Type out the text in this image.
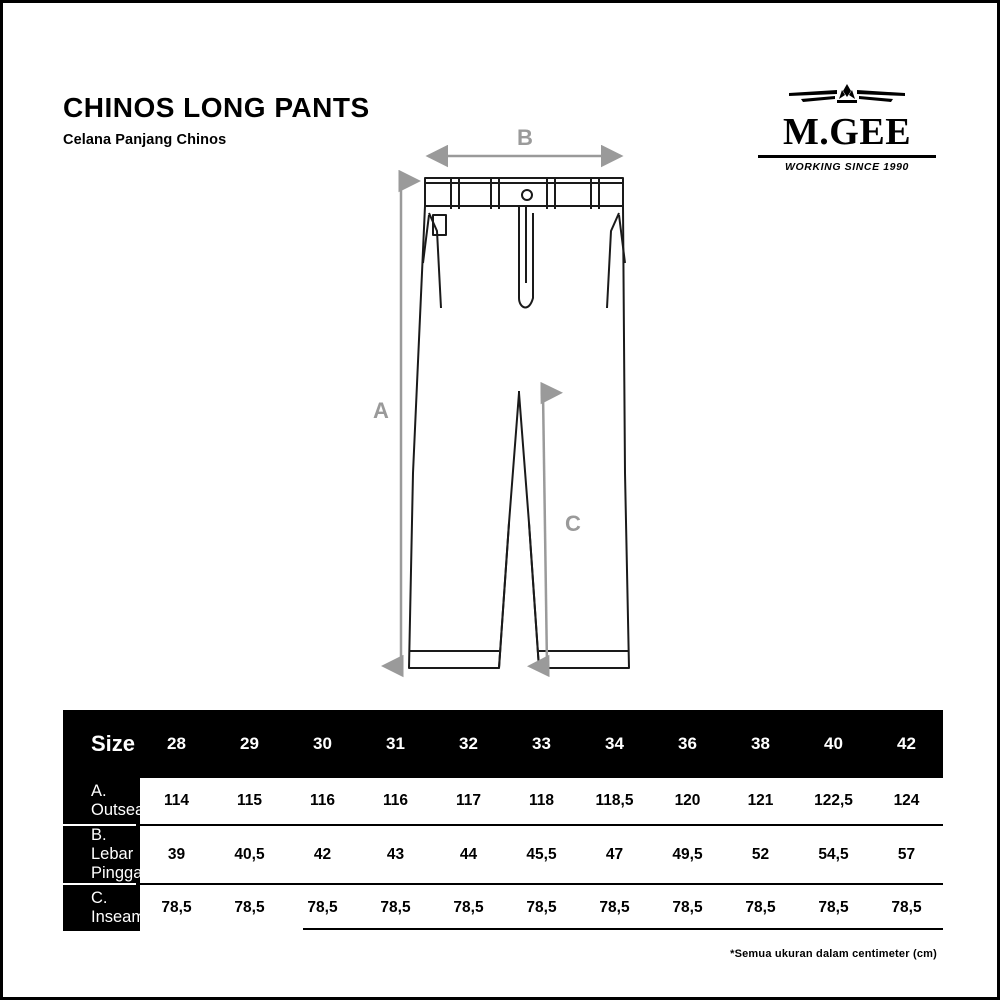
CHINOS LONG PANTS
Celana Panjang Chinos	M.GEE
WORKING SINCE 1990
B
A
C
Size		28	29	30	31	32	33	34	36	38	40	42
A. Outseam		114	115	116	116	117	118	118,5	120	121	122,5	124
B. Lebar Pinggang		39	40,5	42	43	44	45,5	47	49,5	52	54,5	57
C. Inseam		78,5	78,5	78,5	78,5	78,5	78,5	78,5	78,5	78,5	78,5	78,5
*Semua ukuran dalam centimeter (cm)
